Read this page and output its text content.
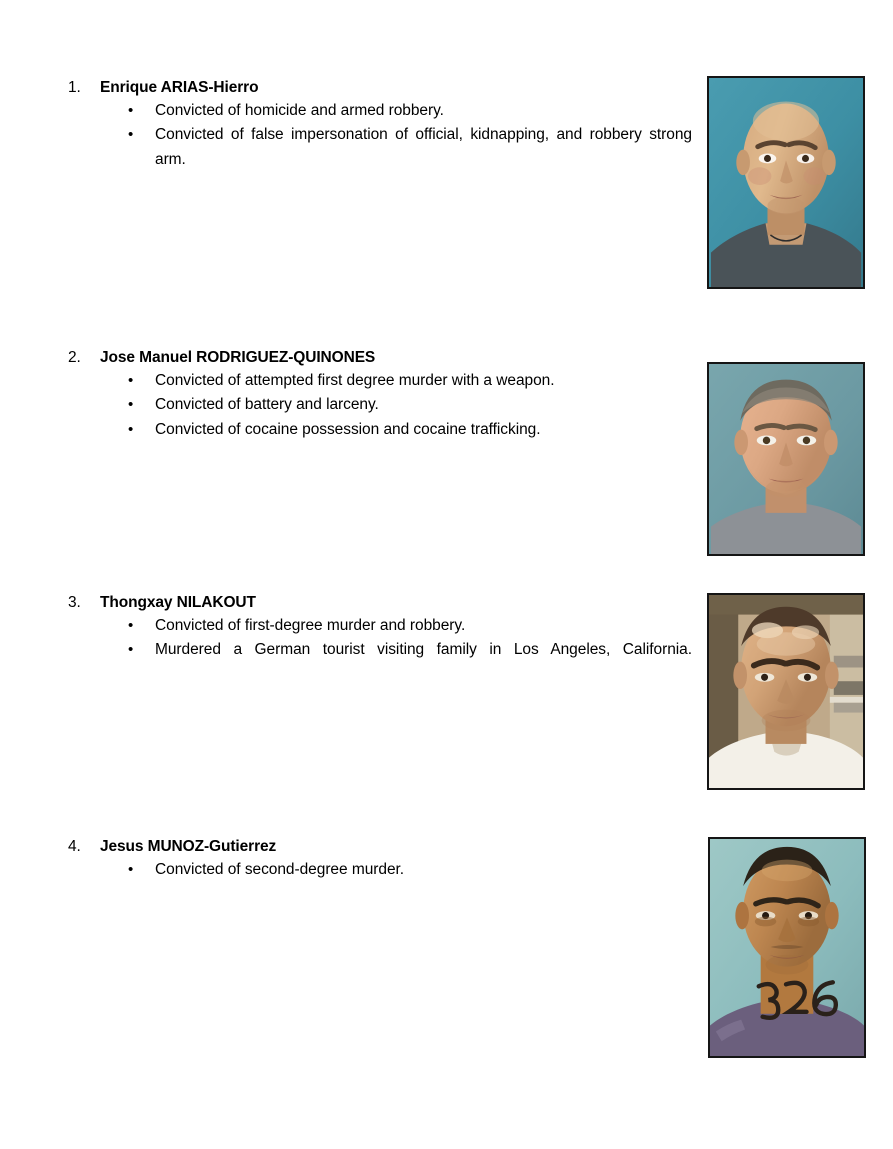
1.	Enrique ARIAS-Hierro
• Convicted of homicide and armed robbery.
• Convicted of false impersonation of official, kidnapping, and robbery strong arm.
2.	Jose Manuel RODRIGUEZ-QUINONES
• Convicted of attempted first degree murder with a weapon.
• Convicted of battery and larceny.
• Convicted of cocaine possession and cocaine trafficking.
3.	Thongxay NILAKOUT
• Convicted of first-degree murder and robbery.
• Murdered a German tourist visiting family in Los Angeles, California.
4.	Jesus MUNOZ-Gutierrez
• Convicted of second-degree murder.
